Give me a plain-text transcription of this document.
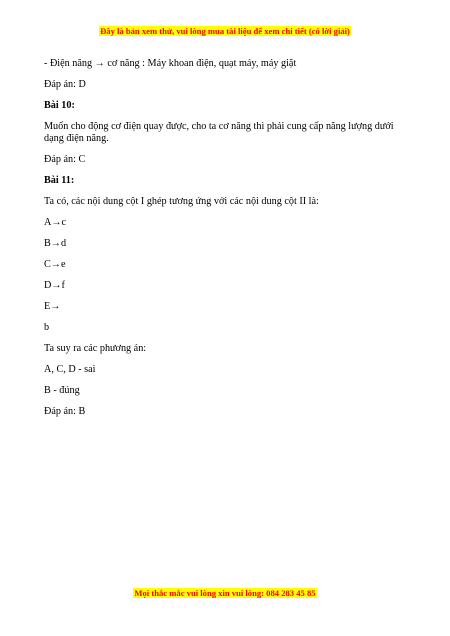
Đây là bản xem thử, vui lòng mua tài liệu để xem chi tiết (có lời giải)

- Điện năng → cơ năng : Máy khoan điện, quạt máy, máy giặt

Đáp án: D

Bài 10:

Muốn cho động cơ điện quay được, cho ta cơ năng thì phải cung cấp năng lượng dưới dạng điện năng.

Đáp án: C

Bài 11:

Ta có, các nội dung cột I ghép tương ứng với các nội dung cột II là:

A→c

B→d

C→e

D→f

E→

b

Ta suy ra các phương án:

A, C, D - sai

B - đúng

Đáp án: B

Mọi thắc mắc vui lòng xin vui lòng: 084 283 45 85
